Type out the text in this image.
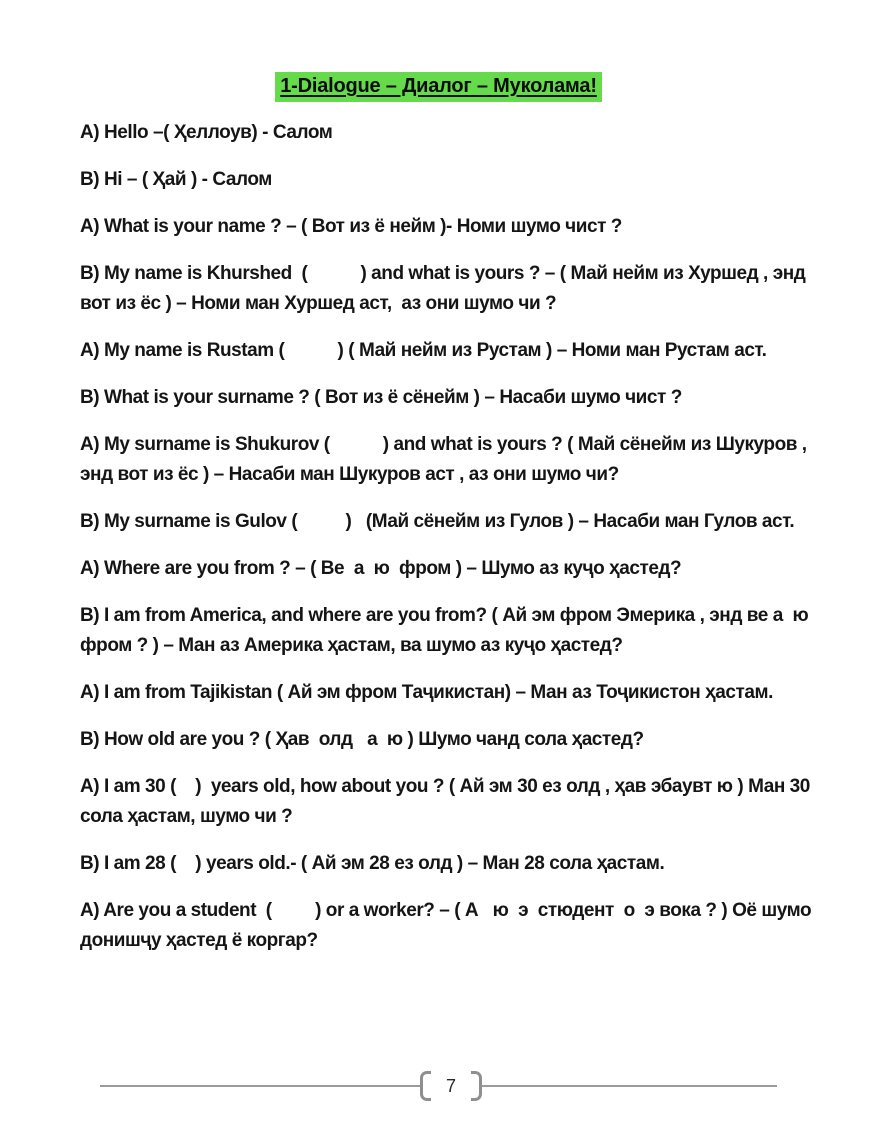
1-Dialogue – Диалог – Муколама!

A) Hello –( Ҳеллоув) - Салом

B) Hi – ( Ҳай ) - Салом

A) What is your name ? – ( Вот из ё нейм )- Номи шумо чист ?

B) My name is Khurshed  (           ) and what is yours ? – ( Май нейм из Хуршед , энд вот из ёс ) – Номи ман Хуршед аст,  аз они шумо чи ?

A) My name is Rustam (           ) ( Май нейм из Рустам ) – Номи ман Рустам аст.

B) What is your surname ? ( Вот из ё сёнейм ) – Насаби шумо чист ?

A) My surname is Shukurov (           ) and what is yours ? ( Май сёнейм из Шукуров , энд вот из ёс ) – Насаби ман Шукуров аст , аз они шумо чи?

B) My surname is Gulov (          )   (Май сёнейм из Гулов ) – Насаби ман Гулов аст.

A) Where are you from ? – ( Ве  а  ю  фром ) – Шумо аз куҷо ҳастед?

B) I am from America, and where are you from? ( Ай эм фром Эмерика , энд ве а  ю  фром ? ) – Ман аз Америка ҳастам, ва шумо аз куҷо ҳастед?

A) I am from Tajikistan ( Ай эм фром Таҷикистан) – Ман аз Тоҷикистон ҳастам.

B) How old are you ? ( Ҳав  олд   а  ю ) Шумо чанд сола ҳастед?

A) I am 30 (    )  years old, how about you ? ( Ай эм 30 ез олд , ҳав эбаувт ю ) Ман 30 сола ҳастам, шумо чи ?

B) I am 28 (    ) years old.- ( Ай эм 28 ез олд ) – Ман 28 сола ҳастам.

A) Are you a student  (         ) or a worker? – ( А   ю  э  стюдент  о  э вока ? ) Оё шумо донишҷу ҳастед ё коргар?

7
